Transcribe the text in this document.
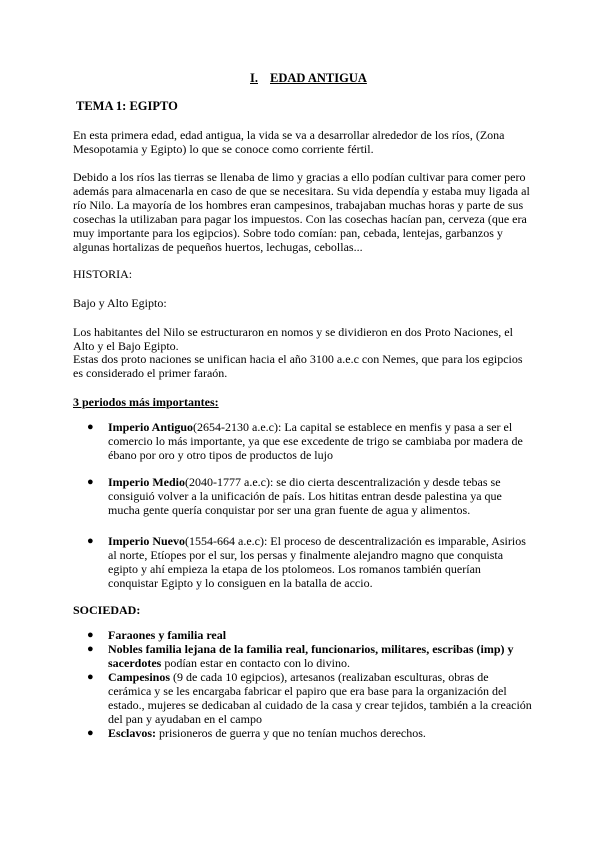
I. EDAD ANTIGUA
TEMA 1: EGIPTO
En esta primera edad, edad antigua, la vida se va a desarrollar alrededor de los ríos, (Zona Mesopotamia y Egipto) lo que se conoce como corriente fértil.
Debido a los ríos las tierras se llenaba de limo y gracias a ello podían cultivar para comer pero además para almacenarla en caso de que se necesitara. Su vida dependía y estaba muy ligada al río Nilo. La mayoría de los hombres eran campesinos, trabajaban muchas horas y parte de sus cosechas la utilizaban para pagar los impuestos. Con las cosechas hacían pan, cerveza (que era muy importante para los egipcios). Sobre todo comían: pan, cebada, lentejas, garbanzos y algunas hortalizas de pequeños huertos, lechugas, cebollas...
HISTORIA:
Bajo y Alto Egipto:
Los habitantes del Nilo se estructuraron en nomos y se dividieron en dos Proto Naciones, el Alto y el Bajo Egipto.
Estas dos proto naciones se unifican hacia el año 3100 a.e.c con Nemes, que para los egipcios es considerado el primer faraón.
3 periodos más importantes:
● Imperio Antiguo(2654-2130 a.e.c): La capital se establece en menfis y pasa a ser el comercio lo más importante, ya que ese excedente de trigo se cambiaba por madera de ébano por oro y otro tipos de productos de lujo
● Imperio Medio(2040-1777 a.e.c): se dio cierta descentralización y desde tebas se consiguió volver a la unificación de país. Los hititas entran desde palestina ya que mucha gente quería conquistar por ser una gran fuente de agua y alimentos.
● Imperio Nuevo(1554-664 a.e.c): El proceso de descentralización es imparable, Asirios al norte, Etíopes por el sur, los persas y finalmente alejandro magno que conquista egipto y ahí empieza la etapa de los ptolomeos. Los romanos también querían conquistar Egipto y lo consiguen en la batalla de accio.
SOCIEDAD:
● Faraones y familia real
● Nobles familia lejana de la familia real, funcionarios, militares, escribas (imp) y sacerdotes podían estar en contacto con lo divino.
● Campesinos (9 de cada 10 egipcios), artesanos (realizaban esculturas, obras de cerámica y se les encargaba fabricar el papiro que era base para la organización del estado., mujeres se dedicaban al cuidado de la casa y crear tejidos, también a la creación del pan y ayudaban en el campo
● Esclavos: prisioneros de guerra y que no tenían muchos derechos.
